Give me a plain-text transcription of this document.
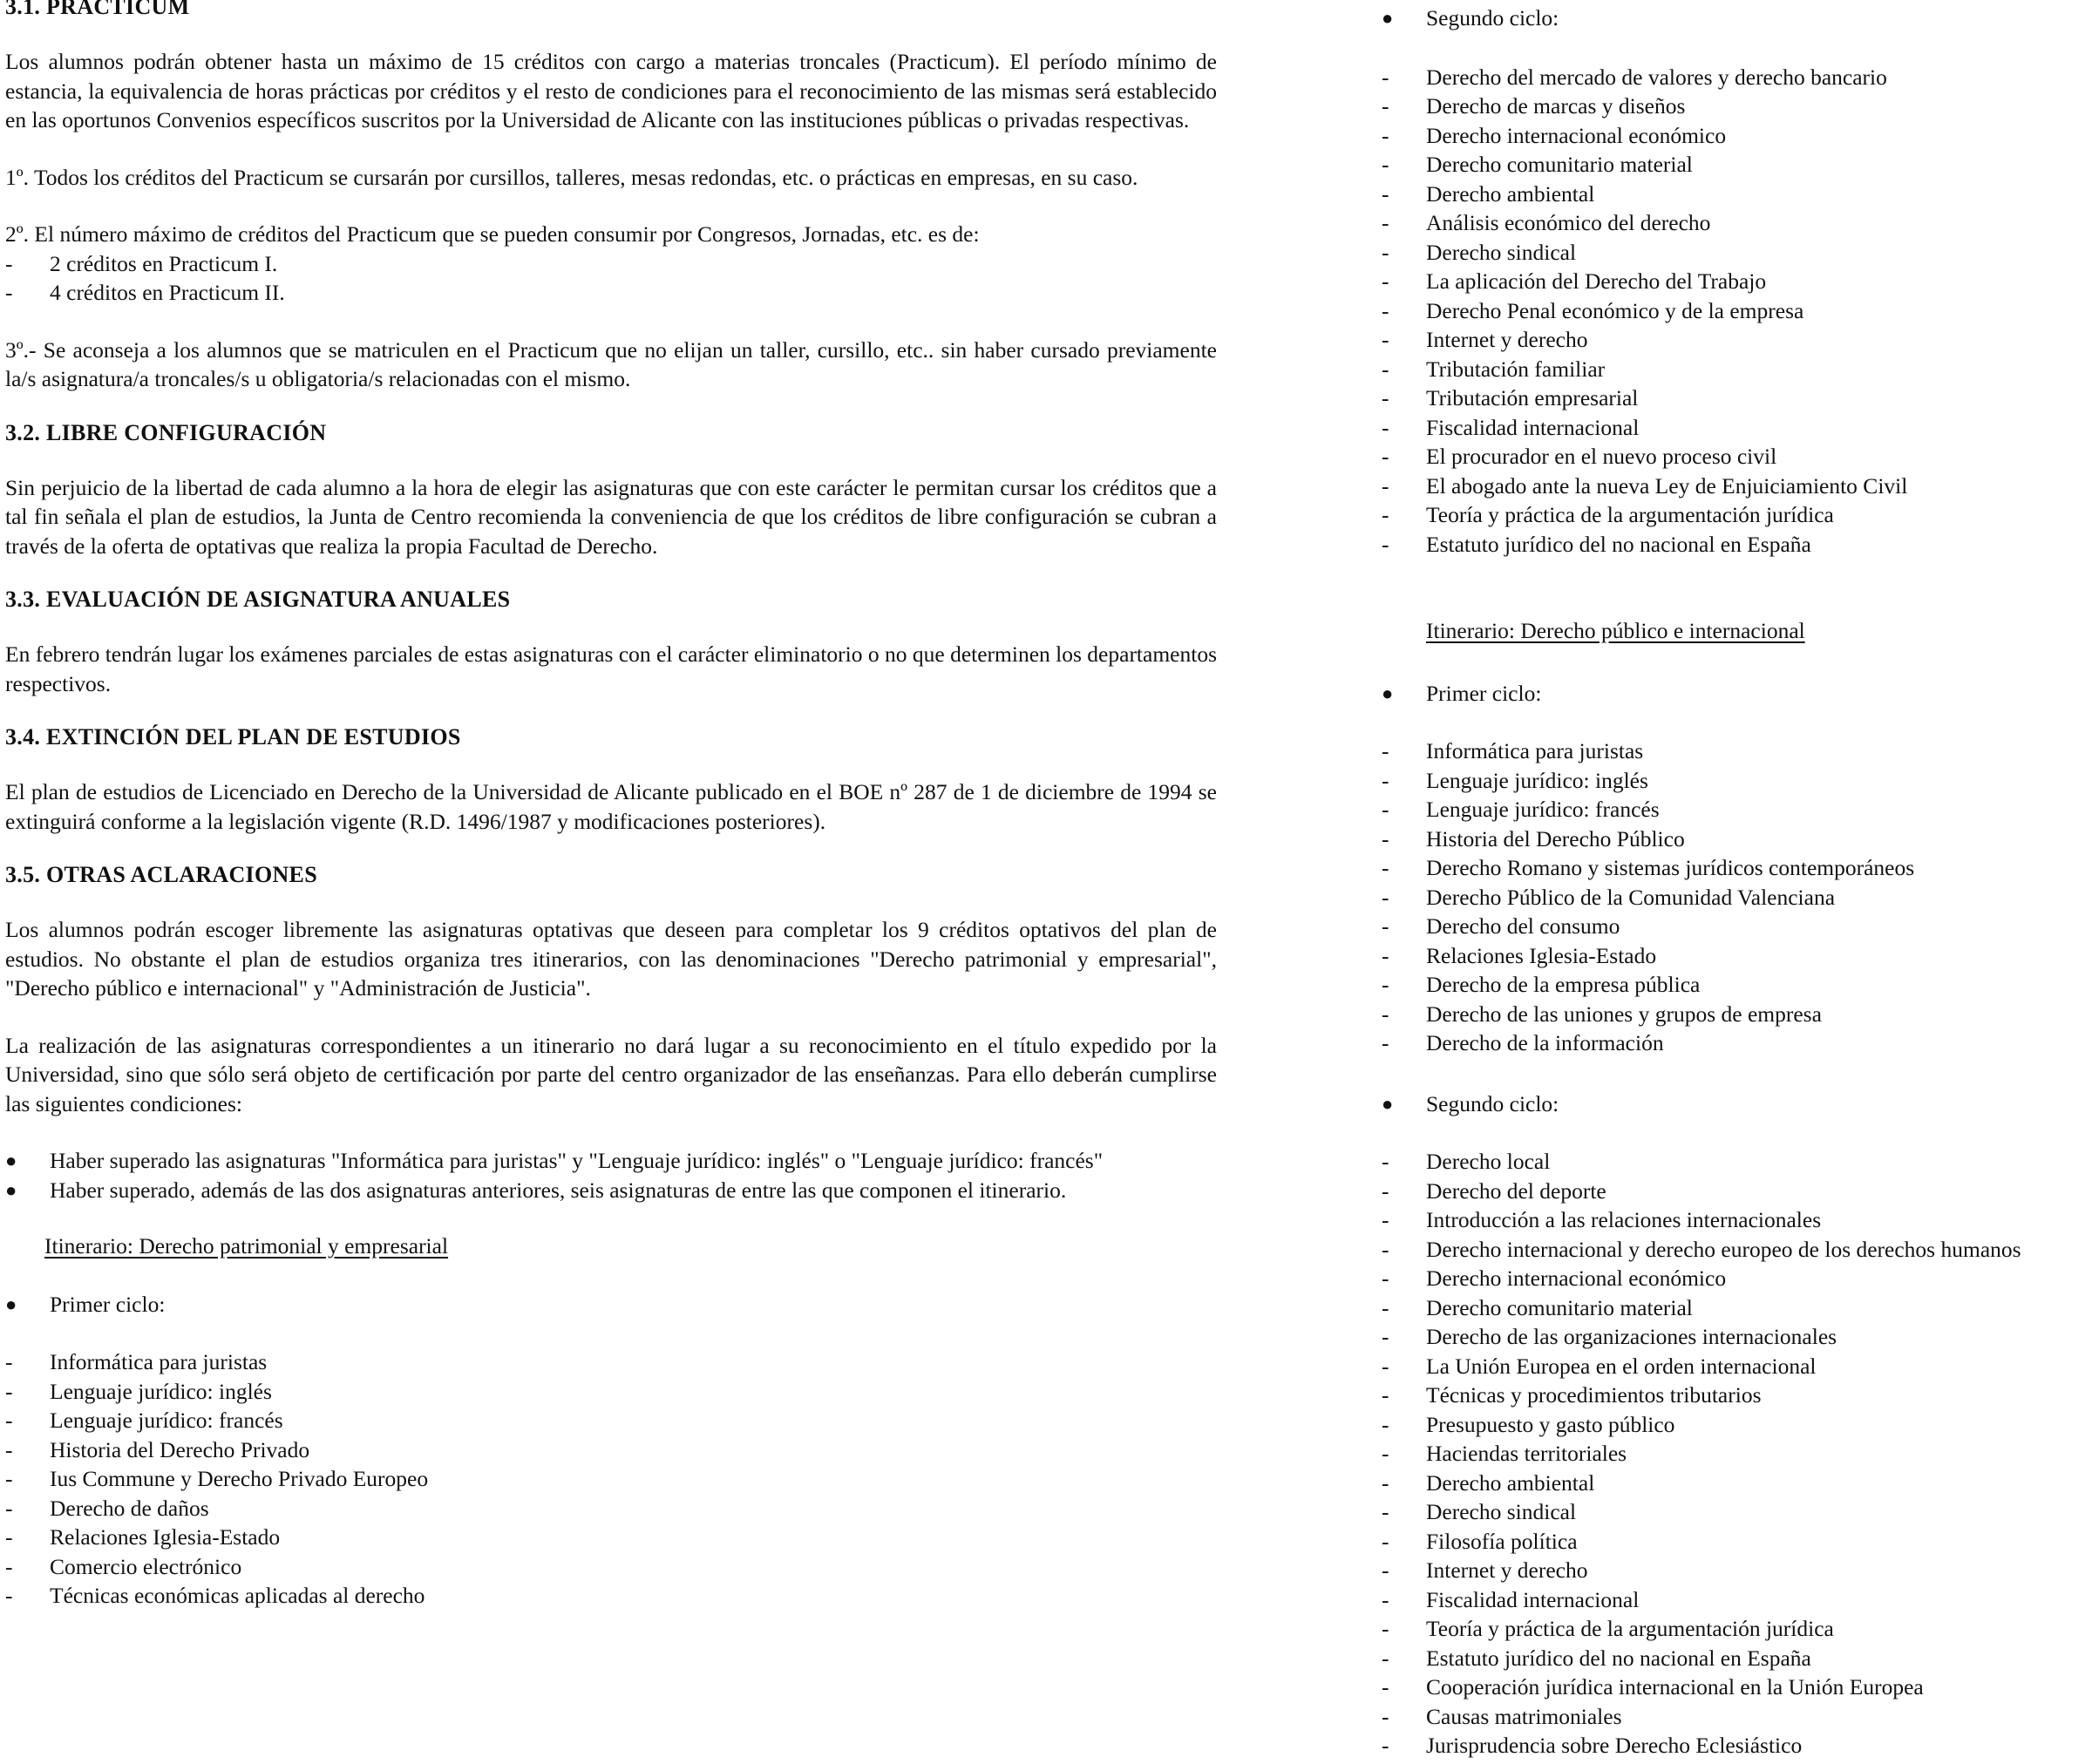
3.1. PRACTICUM

Los alumnos podrán obtener hasta un máximo de 15 créditos con cargo a materias troncales (Practicum). El período mínimo de estancia, la equivalencia de horas prácticas por créditos y el resto de condiciones para el reconocimiento de las mismas será establecido en las oportunos Convenios específicos suscritos por la Universidad de Alicante con las instituciones públicas o privadas respectivas.

1º. Todos los créditos del Practicum se cursarán por cursillos, talleres, mesas redondas, etc. o prácticas en empresas, en su caso.

2º. El número máximo de créditos del Practicum que se pueden consumir por Congresos, Jornadas, etc. es de:

- 2 créditos en Practicum I.
- 4 créditos en Practicum II.

3º.- Se aconseja a los alumnos que se matriculen en el Practicum que no elijan un taller, cursillo, etc.. sin haber cursado previamente la/s asignatura/a troncales/s u obligatoria/s relacionadas con el mismo.

3.2. LIBRE CONFIGURACIÓN

Sin perjuicio de la libertad de cada alumno a la hora de elegir las asignaturas que con este carácter le permitan cursar los créditos que a tal fin señala el plan de estudios, la Junta de Centro recomienda la conveniencia de que los créditos de libre configuración se cubran a través de la oferta de optativas que realiza la propia Facultad de Derecho.

3.3. EVALUACIÓN DE ASIGNATURA ANUALES

En febrero tendrán lugar los exámenes parciales de estas asignaturas con el carácter eliminatorio o no que determinen los departamentos respectivos.

3.4. EXTINCIÓN DEL PLAN DE ESTUDIOS

El plan de estudios de Licenciado en Derecho de la Universidad de Alicante publicado en el BOE nº 287 de 1 de diciembre de 1994 se extinguirá conforme a la legislación vigente (R.D. 1496/1987 y modificaciones posteriores).

3.5. OTRAS ACLARACIONES

Los alumnos podrán escoger libremente las asignaturas optativas que deseen para completar los 9 créditos optativos del plan de estudios. No obstante el plan de estudios organiza tres itinerarios, con las denominaciones "Derecho patrimonial y empresarial", "Derecho público e internacional" y "Administración de Justicia".

La realización de las asignaturas correspondientes a un itinerario no dará lugar a su reconocimiento en el título expedido por la Universidad, sino que sólo será objeto de certificación por parte del centro organizador de las enseñanzas. Para ello deberán cumplirse las siguientes condiciones:

● Haber superado las asignaturas "Informática para juristas" y "Lenguaje jurídico: inglés" o "Lenguaje jurídico: francés"
● Haber superado, además de las dos asignaturas anteriores, seis asignaturas de entre las que componen el itinerario.
Itinerario: Derecho patrimonial y empresarial
● Primer ciclo:
- Informática para juristas
- Lenguaje jurídico: inglés
- Lenguaje jurídico: francés
- Historia del Derecho Privado
- Ius Commune y Derecho Privado Europeo
- Derecho de daños
- Relaciones Iglesia-Estado
- Comercio electrónico
- Técnicas económicas aplicadas al derecho
● Segundo ciclo:
- Derecho del mercado de valores y derecho bancario
- Derecho de marcas y diseños
- Derecho internacional económico
- Derecho comunitario material
- Derecho ambiental
- Análisis económico del derecho
- Derecho sindical
- La aplicación del Derecho del Trabajo
- Derecho Penal económico y de la empresa
- Internet y derecho
- Tributación familiar
- Tributación empresarial
- Fiscalidad internacional
- El procurador en el nuevo proceso civil
- El abogado ante la nueva Ley de Enjuiciamiento Civil
- Teoría y práctica de la argumentación jurídica
- Estatuto jurídico del no nacional en España
Itinerario: Derecho público e internacional
● Primer ciclo:
- Informática para juristas
- Lenguaje jurídico: inglés
- Lenguaje jurídico: francés
- Historia del Derecho Público
- Derecho Romano y sistemas jurídicos contemporáneos
- Derecho Público de la Comunidad Valenciana
- Derecho del consumo
- Relaciones Iglesia-Estado
- Derecho de la empresa pública
- Derecho de las uniones y grupos de empresa
- Derecho de la información
● Segundo ciclo:
- Derecho local
- Derecho del deporte
- Introducción a las relaciones internacionales
- Derecho internacional y derecho europeo de los derechos humanos
- Derecho internacional económico
- Derecho comunitario material
- Derecho de las organizaciones internacionales
- La Unión Europea en el orden internacional
- Técnicas y procedimientos tributarios
- Presupuesto y gasto público
- Haciendas territoriales
- Derecho ambiental
- Derecho sindical
- Filosofía política
- Internet y derecho
- Fiscalidad internacional
- Teoría y práctica de la argumentación jurídica
- Estatuto jurídico del no nacional en España
- Cooperación jurídica internacional en la Unión Europea
- Causas matrimoniales
- Jurisprudencia sobre Derecho Eclesiástico
